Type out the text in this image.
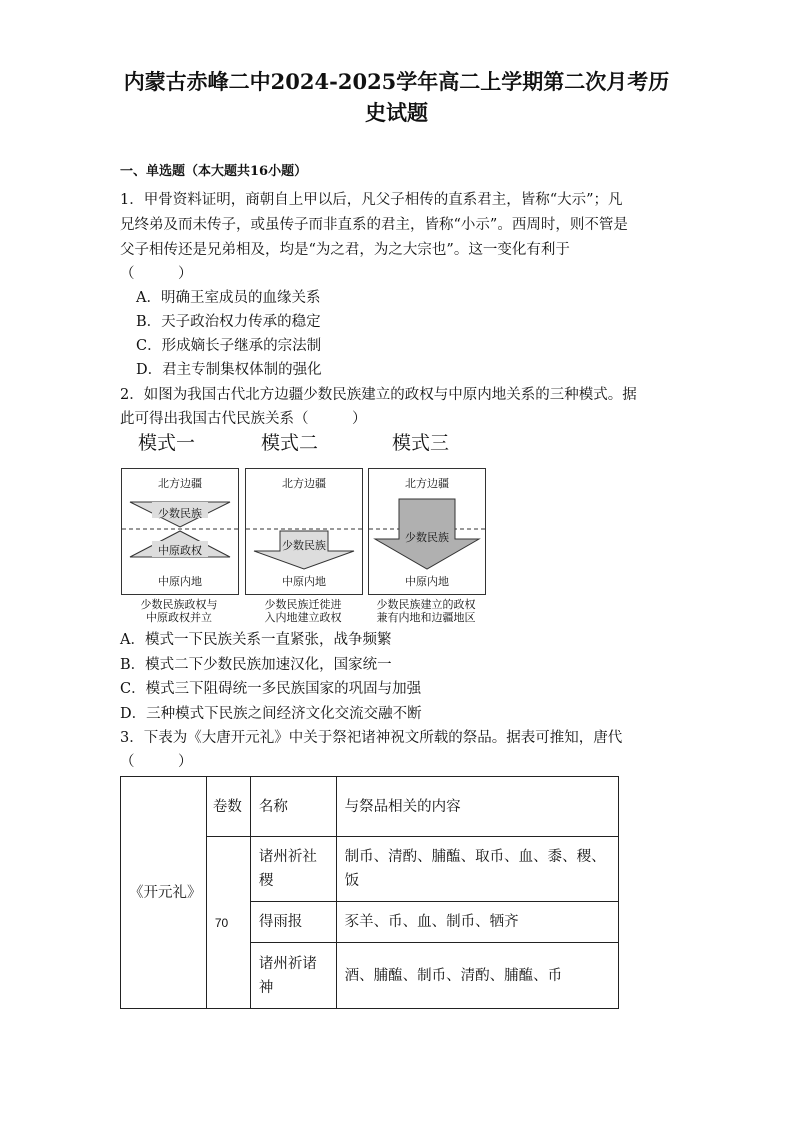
内蒙古赤峰二中2024-2025学年高二上学期第二次月考历
史试题
一、单选题（本大题共16小题）
1．甲骨资料证明，商朝自上甲以后，凡父子相传的直系君主，皆称“大示”；凡
兄终弟及而未传子，或虽传子而非直系的君主，皆称“小示”。西周时，则不管是
父子相传还是兄弟相及，均是“为之君，为之大宗也”。这一变化有利于
（　　　）
A．明确王室成员的血缘关系
B．天子政治权力传承的稳定
C．形成嫡长子继承的宗法制
D．君主专制集权体制的强化
2．如图为我国古代北方边疆少数民族建立的政权与中原内地关系的三种模式。据
此可得出我国古代民族关系（　　　）
模式一	模式二	模式三
北方边疆
少数民族
中原政权
中原内地
少数民族政权与
中原政权并立
北方边疆
少数民族
中原内地
少数民族迁徙进
入内地建立政权
北方边疆
少数民族
中原内地
少数民族建立的政权
兼有内地和边疆地区
A．模式一下民族关系一直紧张，战争频繁
B．模式二下少数民族加速汉化，国家统一
C．模式三下阻碍统一多民族国家的巩固与加强
D．三种模式下民族之间经济文化交流交融不断
3．下表为《大唐开元礼》中关于祭祀诸神祝文所载的祭品。据表可推知，唐代
（　　　）
《开元礼》	卷数	名称	与祭品相关的内容
	70	诸州祈社稷	制币、清酌、脯醢、取币、血、黍、稷、饭
		得雨报	豕羊、币、血、制币、牺齐
		诸州祈诸神	酒、脯醢、制币、清酌、脯醢、币
